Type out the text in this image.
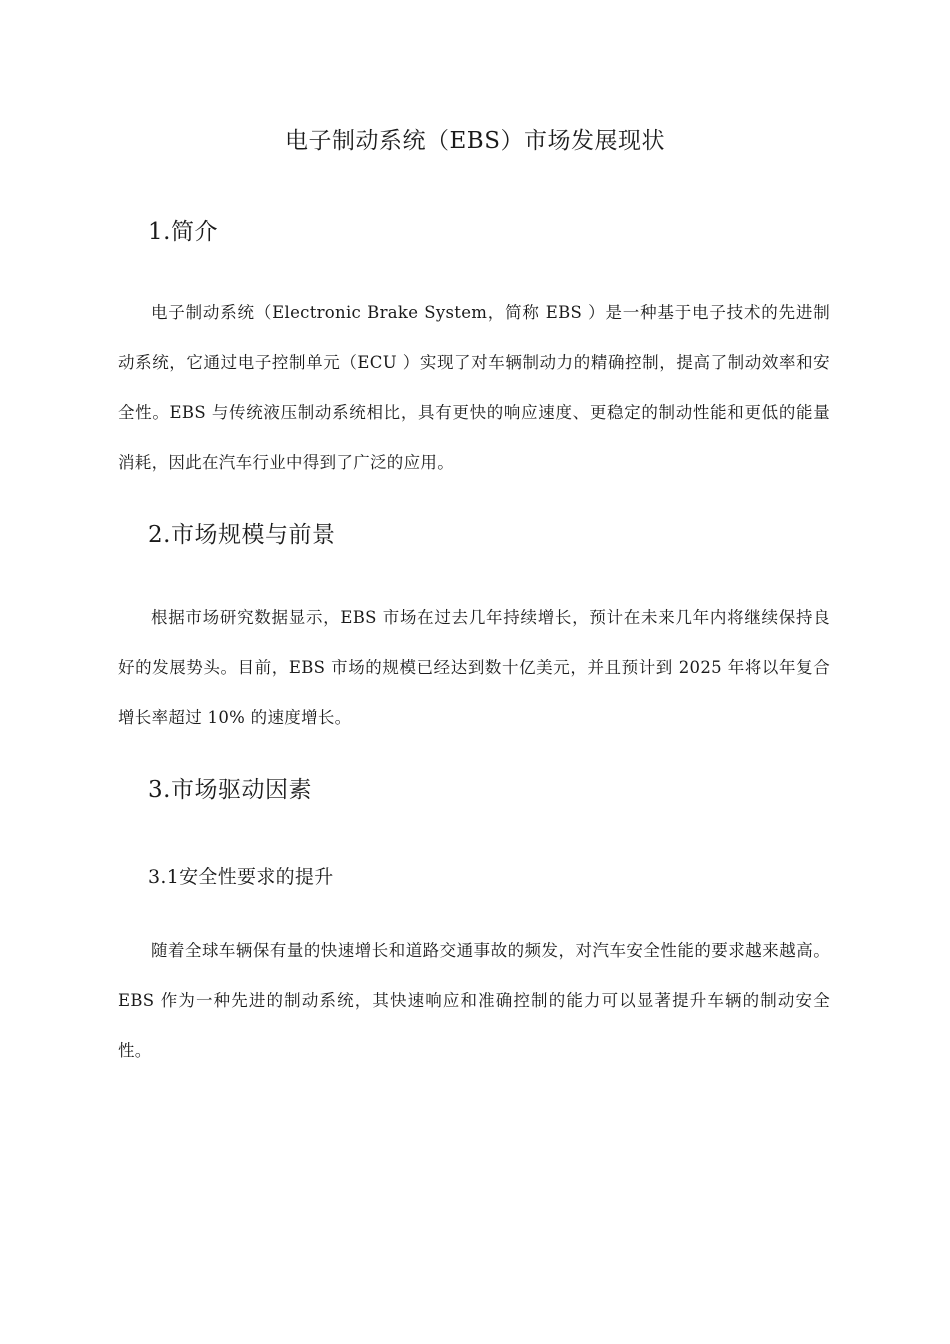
电子制动系统（EBS）市场发展现状
1.简介
电子制动系统（Electronic Brake System，简称 EBS ）是一种基于电子技术的先进制动系统，它通过电子控制单元（ECU ）实现了对车辆制动力的精确控制，提高了制动效率和安全性。EBS 与传统液压制动系统相比，具有更快的响应速度、更稳定的制动性能和更低的能量消耗，因此在汽车行业中得到了广泛的应用。
2.市场规模与前景
根据市场研究数据显示，EBS 市场在过去几年持续增长，预计在未来几年内将继续保持良好的发展势头。目前，EBS 市场的规模已经达到数十亿美元，并且预计到 2025 年将以年复合增长率超过 10% 的速度增长。
3.市场驱动因素
3.1安全性要求的提升
随着全球车辆保有量的快速增长和道路交通事故的频发，对汽车安全性能的要求越来越高。EBS 作为一种先进的制动系统，其快速响应和准确控制的能力可以显著提升车辆的制动安全性。
